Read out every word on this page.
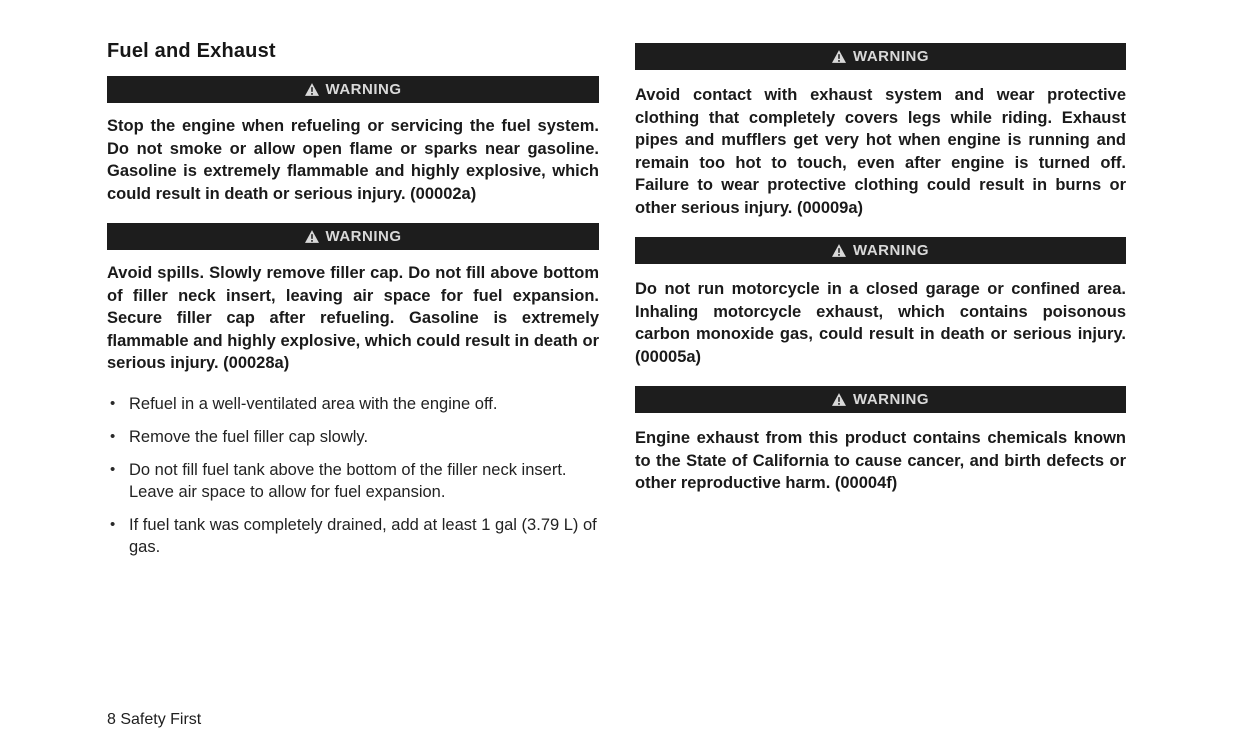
Fuel and Exhaust
WARNING

Stop the engine when refueling or servicing the fuel system. Do not smoke or allow open flame or sparks near gasoline. Gasoline is extremely flammable and highly explosive, which could result in death or serious injury. (00002a)

WARNING

Avoid spills. Slowly remove filler cap. Do not fill above bottom of filler neck insert, leaving air space for fuel expansion. Secure filler cap after refueling. Gasoline is extremely flammable and highly explosive, which could result in death or serious injury. (00028a)

• Refuel in a well-ventilated area with the engine off.
• Remove the fuel filler cap slowly.
• Do not fill fuel tank above the bottom of the filler neck insert. Leave air space to allow for fuel expansion.
• If fuel tank was completely drained, add at least 1 gal (3.79 L) of gas.
WARNING

Avoid contact with exhaust system and wear protective clothing that completely covers legs while riding. Exhaust pipes and mufflers get very hot when engine is running and remain too hot to touch, even after engine is turned off. Failure to wear protective clothing could result in burns or other serious injury. (00009a)

WARNING

Do not run motorcycle in a closed garage or confined area. Inhaling motorcycle exhaust, which contains poisonous carbon monoxide gas, could result in death or serious injury. (00005a)

WARNING

Engine exhaust from this product contains chemicals known to the State of California to cause cancer, and birth defects or other reproductive harm. (00004f)

8 Safety First
